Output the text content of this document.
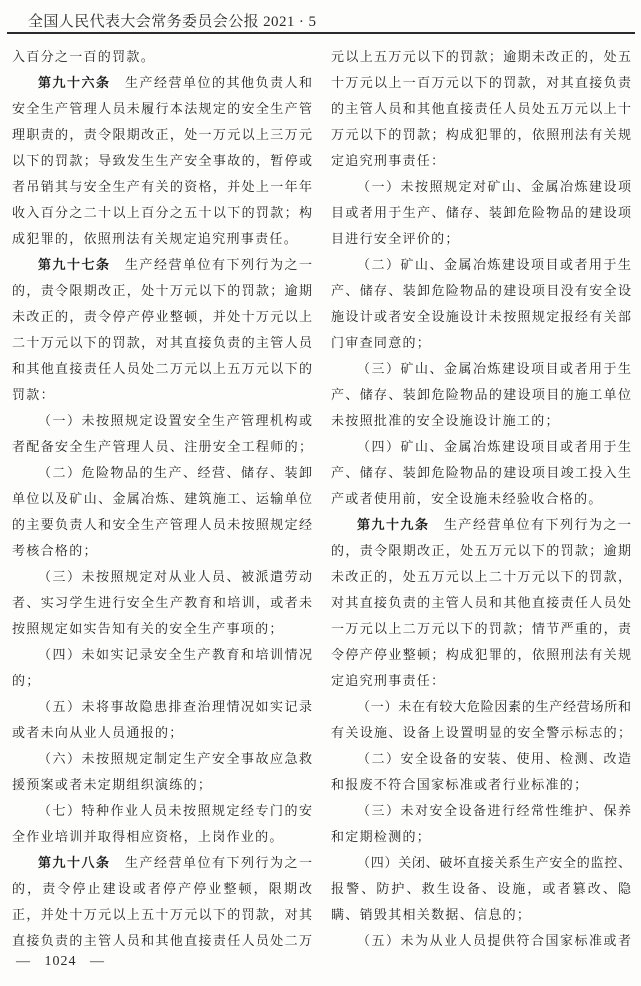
全国人民代表大会常务委员会公报 2021 · 5
入百分之一百的罚款。
第九十六条　生产经营单位的其他负责人和
安全生产管理人员未履行本法规定的安全生产管
理职责的，责令限期改正，处一万元以上三万元
以下的罚款；导致发生生产安全事故的，暂停或
者吊销其与安全生产有关的资格，并处上一年年
收入百分之二十以上百分之五十以下的罚款；构
成犯罪的，依照刑法有关规定追究刑事责任。
第九十七条　生产经营单位有下列行为之一
的，责令限期改正，处十万元以下的罚款；逾期
未改正的，责令停产停业整顿，并处十万元以上
二十万元以下的罚款，对其直接负责的主管人员
和其他直接责任人员处二万元以上五万元以下的
罚款：
（一）未按照规定设置安全生产管理机构或
者配备安全生产管理人员、注册安全工程师的；
（二）危险物品的生产、经营、储存、装卸
单位以及矿山、金属冶炼、建筑施工、运输单位
的主要负责人和安全生产管理人员未按照规定经
考核合格的；
（三）未按照规定对从业人员、被派遣劳动
者、实习学生进行安全生产教育和培训，或者未
按照规定如实告知有关的安全生产事项的；
（四）未如实记录安全生产教育和培训情况
的；
（五）未将事故隐患排查治理情况如实记录
或者未向从业人员通报的；
（六）未按照规定制定生产安全事故应急救
援预案或者未定期组织演练的；
（七）特种作业人员未按照规定经专门的安
全作业培训并取得相应资格，上岗作业的。
第九十八条　生产经营单位有下列行为之一
的，责令停止建设或者停产停业整顿，限期改
正，并处十万元以上五十万元以下的罚款，对其
直接负责的主管人员和其他直接责任人员处二万
元以上五万元以下的罚款；逾期未改正的，处五
十万元以上一百万元以下的罚款，对其直接负责
的主管人员和其他直接责任人员处五万元以上十
万元以下的罚款；构成犯罪的，依照刑法有关规
定追究刑事责任：
（一）未按照规定对矿山、金属冶炼建设项
目或者用于生产、储存、装卸危险物品的建设项
目进行安全评价的；
（二）矿山、金属冶炼建设项目或者用于生
产、储存、装卸危险物品的建设项目没有安全设
施设计或者安全设施设计未按照规定报经有关部
门审查同意的；
（三）矿山、金属冶炼建设项目或者用于生
产、储存、装卸危险物品的建设项目的施工单位
未按照批准的安全设施设计施工的；
（四）矿山、金属冶炼建设项目或者用于生
产、储存、装卸危险物品的建设项目竣工投入生
产或者使用前，安全设施未经验收合格的。
第九十九条　生产经营单位有下列行为之一
的，责令限期改正，处五万元以下的罚款；逾期
未改正的，处五万元以上二十万元以下的罚款，
对其直接负责的主管人员和其他直接责任人员处
一万元以上二万元以下的罚款；情节严重的，责
令停产停业整顿；构成犯罪的，依照刑法有关规
定追究刑事责任：
（一）未在有较大危险因素的生产经营场所和
有关设施、设备上设置明显的安全警示标志的；
（二）安全设备的安装、使用、检测、改造
和报废不符合国家标准或者行业标准的；
（三）未对安全设备进行经常性维护、保养
和定期检测的；
（四）关闭、破坏直接关系生产安全的监控、
报警、防护、救生设备、设施，或者篡改、隐
瞒、销毁其相关数据、信息的；
（五）未为从业人员提供符合国家标准或者
— 1024 —
